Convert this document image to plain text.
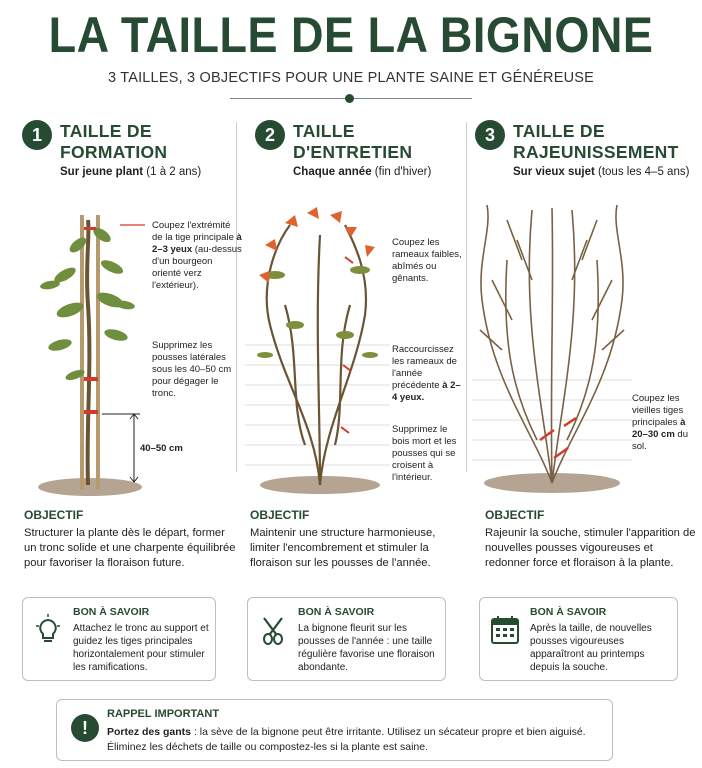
LA TAILLE DE LA BIGNONE
3 TAILLES, 3 OBJECTIFS POUR UNE PLANTE SAINE ET GÉNÉREUSE
1	TAILLE DE
FORMATION
Sur jeune plant (1 à 2 ans)
Coupez l'extrémité de la tige principale à 2–3 yeux (au-dessus d'un bourgeon orienté verz l'extérieur).
Supprimez les pousses latérales sous les 40–50 cm pour dégager le tronc.
40–50 cm
OBJECTIF
Structurer la plante dès le départ, former un tronc solide et une charpente équilibrée pour favoriser la floraison future.
BON À SAVOIR
Attachez le tronc au support et guidez les tiges principales horizontalement pour stimuler les ramifications.
2	TAILLE
D'ENTRETIEN
Chaque année (fin d'hiver)
Coupez les rameaux faibles, abîmés ou gênants.
Raccourcissez les rameaux de l'année précédente à 2–4 yeux.
Supprimez le bois mort et les pousses qui se croisent à l'intérieur.
OBJECTIF
Maintenir une structure harmonieuse, limiter l'encombrement et stimuler la floraison sur les pousses de l'année.
BON À SAVOIR
La bignone fleurit sur les pousses de l'année : une taille régulière favorise une floraison abondante.
3	TAILLE DE
RAJEUNISSEMENT
Sur vieux sujet (tous les 4–5 ans)
Coupez les vieilles tiges principales à 20–30 cm du sol.
OBJECTIF
Rajeunir la souche, stimuler l'apparition de nouvelles pousses vigoureuses et redonner force et floraison à la plante.
BON À SAVOIR
Après la taille, de nouvelles pousses vigoureuses apparaîtront au printemps depuis la souche.
!
RAPPEL IMPORTANT
Portez des gants : la sève de la bignone peut être irritante. Utilisez un sécateur propre et bien aiguisé. Éliminez les déchets de taille ou compostez-les si la plante est saine.
